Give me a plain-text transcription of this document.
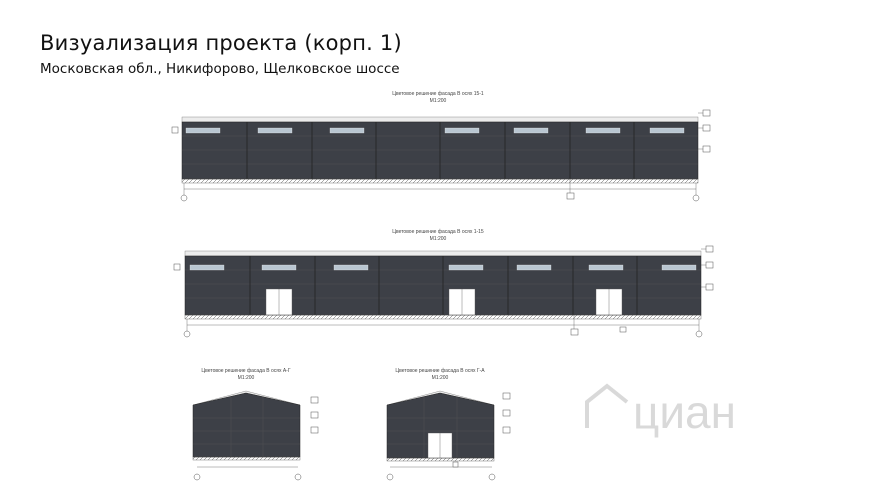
Визуализация проекта (корп. 1)
Московская обл., Никифорово, Щелковское шоссе
Цветовое решение фасада В осях 15-1
М1:200
Цветовое решение фасада В осях 1-15
М1:200
Цветовое решение фасада В осях А-Г
М1:200
Цветовое решение фасада В осях Г-А
М1:200
циан
